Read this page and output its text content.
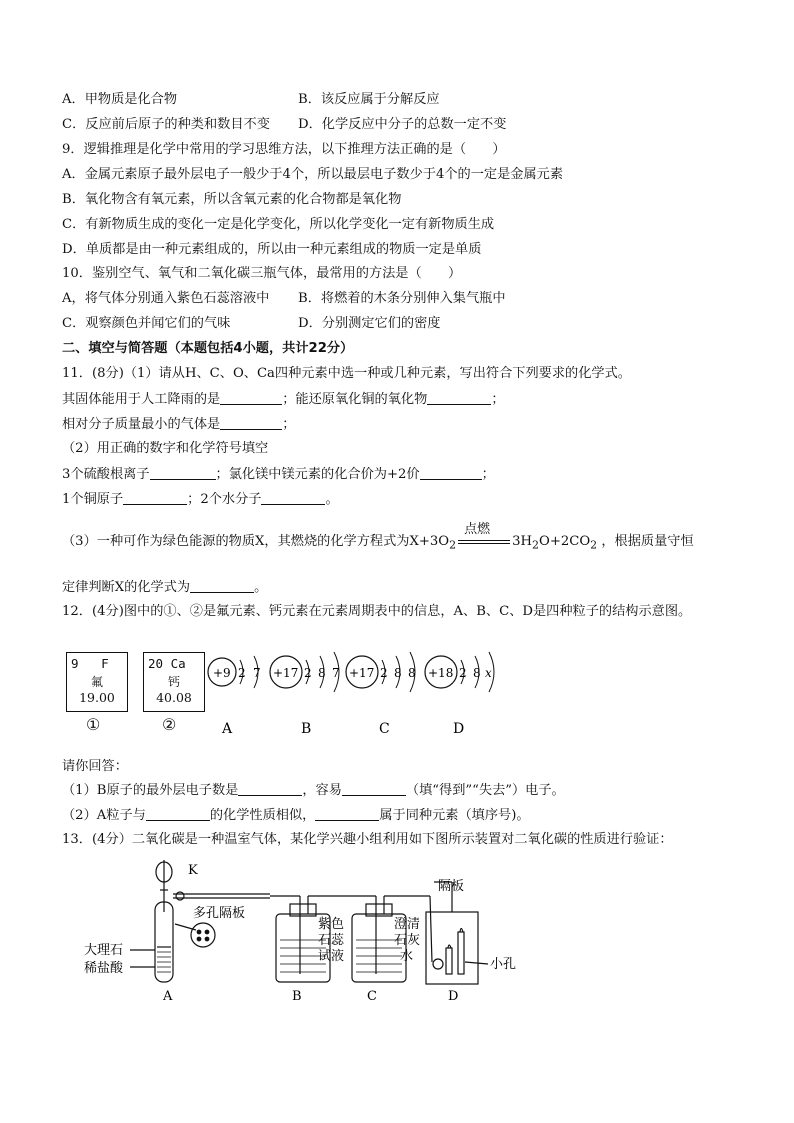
A．甲物质是化合物	B．该反应属于分解反应
C．反应前后原子的种类和数目不变 D．化学反应中分子的总数一定不变
9．逻辑推理是化学中常用的学习思维方法，以下推理方法正确的是（　　）
A．金属元素原子最外层电子一般少于4个，所以最层电子数少于4个的一定是金属元素
B．氧化物含有氧元素，所以含氧元素的化合物都是氧化物
C．有新物质生成的变化一定是化学变化，所以化学变化一定有新物质生成
D．单质都是由一种元素组成的，所以由一种元素组成的物质一定是单质
10．鉴别空气、氧气和二氧化碳三瓶气体，最常用的方法是（　　）
A，将气体分别通入紫色石蕊溶液中 B．将燃着的木条分别伸入集气瓶中
C．观察颜色并闻它们的气味	D．分别测定它们的密度
二、填空与简答题（本题包括4小题，共计22分）
11．(8分)（1）请从H、C、O、Ca四种元素中选一种或几种元素，写出符合下列要求的化学式。
其固体能用于人工降雨的是	；能还原氧化铜的氧化物	；
相对分子质量最小的气体是	；
（2）用正确的数字和化学符号填空
3个硫酸根离子	；氯化镁中镁元素的化合价为+2价	；
1个铜原子	；2个水分子	。
（3）一种可作为绿色能源的物质X，其燃烧的化学方程式为$X+3O_2$
点燃
$3H_2O+2CO_2$ ，根据质量守恒
定律判断X的化学式为	。
12．(4分)图中的①、②是氟元素、钙元素在元素周期表中的信息，A、B、C、D是四种粒子的结构示意图。
9 F
氟
19.00
20 Ca
钙
40.08
①	②
+9 2 7
A
+17 2 8 7
B
+17 2 8 8
C
+18 2 8 x
D
请你回答：
（1）B原子的最外层电子数是	，容易	（填“得到”“失去”）电子。
（2）A粒子与	的化学性质相似，	属于同种元素（填序号)。
13．(4分）二氧化碳是一种温室气体，某化学兴趣小组利用如下图所示装置对二氧化碳的性质进行验证：
K
多孔隔板
大理石
稀盐酸
紫色
石蕊
试液
澄清
石灰
水
隔板
小孔
A	B	C	D
